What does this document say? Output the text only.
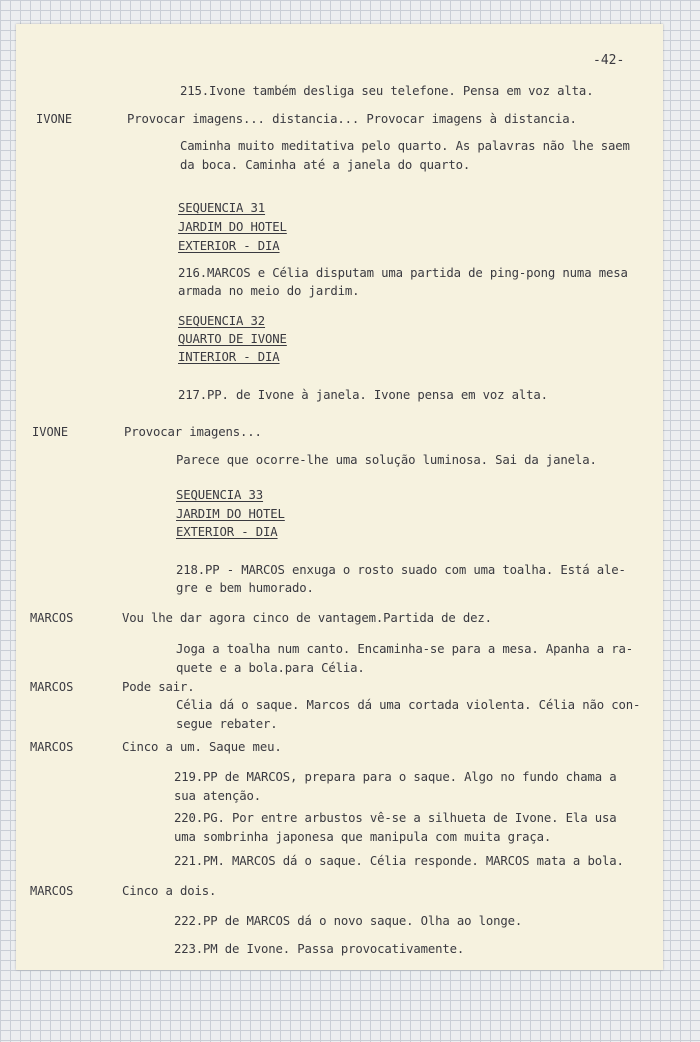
-42-
215.Ivone também desliga seu telefone. Pensa em voz alta.
IVONE	Provocar imagens... distancia... Provocar imagens à distancia.
Caminha muito meditativa pelo quarto. As palavras não lhe saem
da boca. Caminha até a janela do quarto.
SEQUENCIA 31
JARDIM DO HOTEL
EXTERIOR - DIA
216.MARCOS e Célia disputam uma partida de ping-pong numa mesa
armada no meio do jardim.
SEQUENCIA 32
QUARTO DE IVONE
INTERIOR - DIA
217.PP. de Ivone à janela. Ivone pensa em voz alta.
IVONE	Provocar imagens...
Parece que ocorre-lhe uma solução luminosa. Sai da janela.
SEQUENCIA 33
JARDIM DO HOTEL
EXTERIOR - DIA
218.PP - MARCOS enxuga o rosto suado com uma toalha. Está ale-
gre e bem humorado.
MARCOS	Vou lhe dar agora cinco de vantagem.Partida de dez.
Joga a toalha num canto. Encaminha-se para a mesa. Apanha a ra-
quete e a bola.para Célia.
MARCOS	Pode sair.
Célia dá o saque. Marcos dá uma cortada violenta. Célia não con-
segue rebater.
MARCOS	Cinco a um. Saque meu.
219.PP de MARCOS, prepara para o saque. Algo no fundo chama a
sua atenção.
220.PG. Por entre arbustos vê-se a silhueta de Ivone. Ela usa
uma sombrinha japonesa que manipula com muita graça.
221.PM. MARCOS dá o saque. Célia responde. MARCOS mata a bola.
MARCOS	Cinco a dois.
222.PP de MARCOS dá o novo saque. Olha ao longe.
223.PM de Ivone. Passa provocativamente.
